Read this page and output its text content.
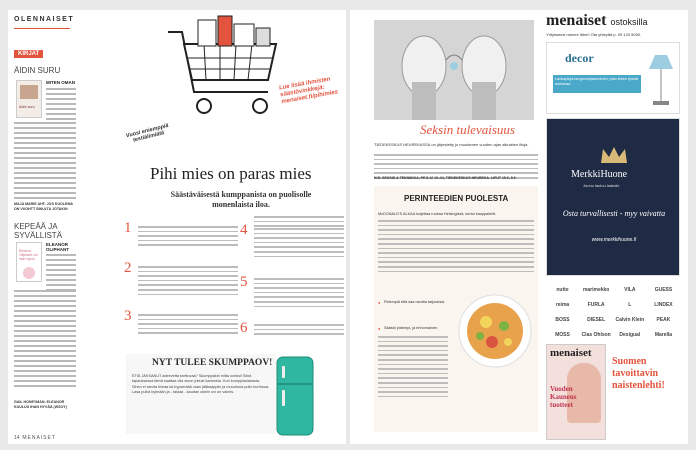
OLENNAISET
KIRJAT
ÄIDIN SURU
Aidin suru
MITEN OMAN
MAJA MARIE AHT: JOS KUOLEMA ON VUOHTT SINULTA JOTAKIN
KEPEÄÄ JA SYVÄLLISTÄ
Eleanor Oliphant voi ihan hyvin
ELEANOR OLIPHANT
GAIL HONEYMAN: ELEANOR KUULUU IHAN HYVÄÄ (WSOY)
Vuosi eniemppiä testiälimiätä
Lue lisää ihmisten säästövinkkejä: menaiset.fi/pihimies
Pihi mies on paras mies
Säästäväisestä kumppanista on puolisolle monenlaista iloa.
1
2
3
4
5
6
NYT TULEE SKUMPPAOV!
ETIÄ JÄKSANUT adeevetta tonttuvaa? Skumppakin mitta oveksi! Siinä tapauksessa tämä saattaa olla sinun juttusi kartonkia. Kun kumppiasiakasta, Sihen ei tarvita tiimaa tai kypsentää vaan jääkaappiin ja muuotona pullo kurthoua. Lasa pullot kylmään ja - taidaa - kaudan oikein ovi on valmis.
14 MENAISET
Seksin tulevaisuus
TIEDEKESKUS HEUREKASSA on järjestetty jo muutamen vuoden ajan aikuisten iltoja.
KIÄ: SEKSIÄ & TEKNIIKKA, PE 8.12 19–24, TIEDEKESKUS HEUREKA. LIPUT 15 €, 8 €.
PERINTEEDIEN PUOLESTA
McDONALD'S ALKAA kuljettaa ruokaa Helsingissä, kertoi kauppalehti.
● Pidempiä että saa nauttia tarjouksia.
● Säästö pidempi, ja erinomainen.
menaiset ostoksilla
Yritykseesi menee läheI! Ota yhteyttä p. 09 120 5090.
decor
Lankapinja langanohjaamoinen, joka tekee työstä mukavaa
MerkkiHuone
Jonnu lauluu laatuile
Osta turvallisesti - myy vaivatta
www.merkkihuone.fi
nutte	marimekko	VILA	GUESS
reima	FURLA	L	LINDEX
BOSS	DIESEL	Calvin Klein	PEAK
MOSS	Clas Ohlson	Desigual	Marella
menaiset
Vuoden Kauneus tuotteet
Suomen tavoittavin naistenlehti!
